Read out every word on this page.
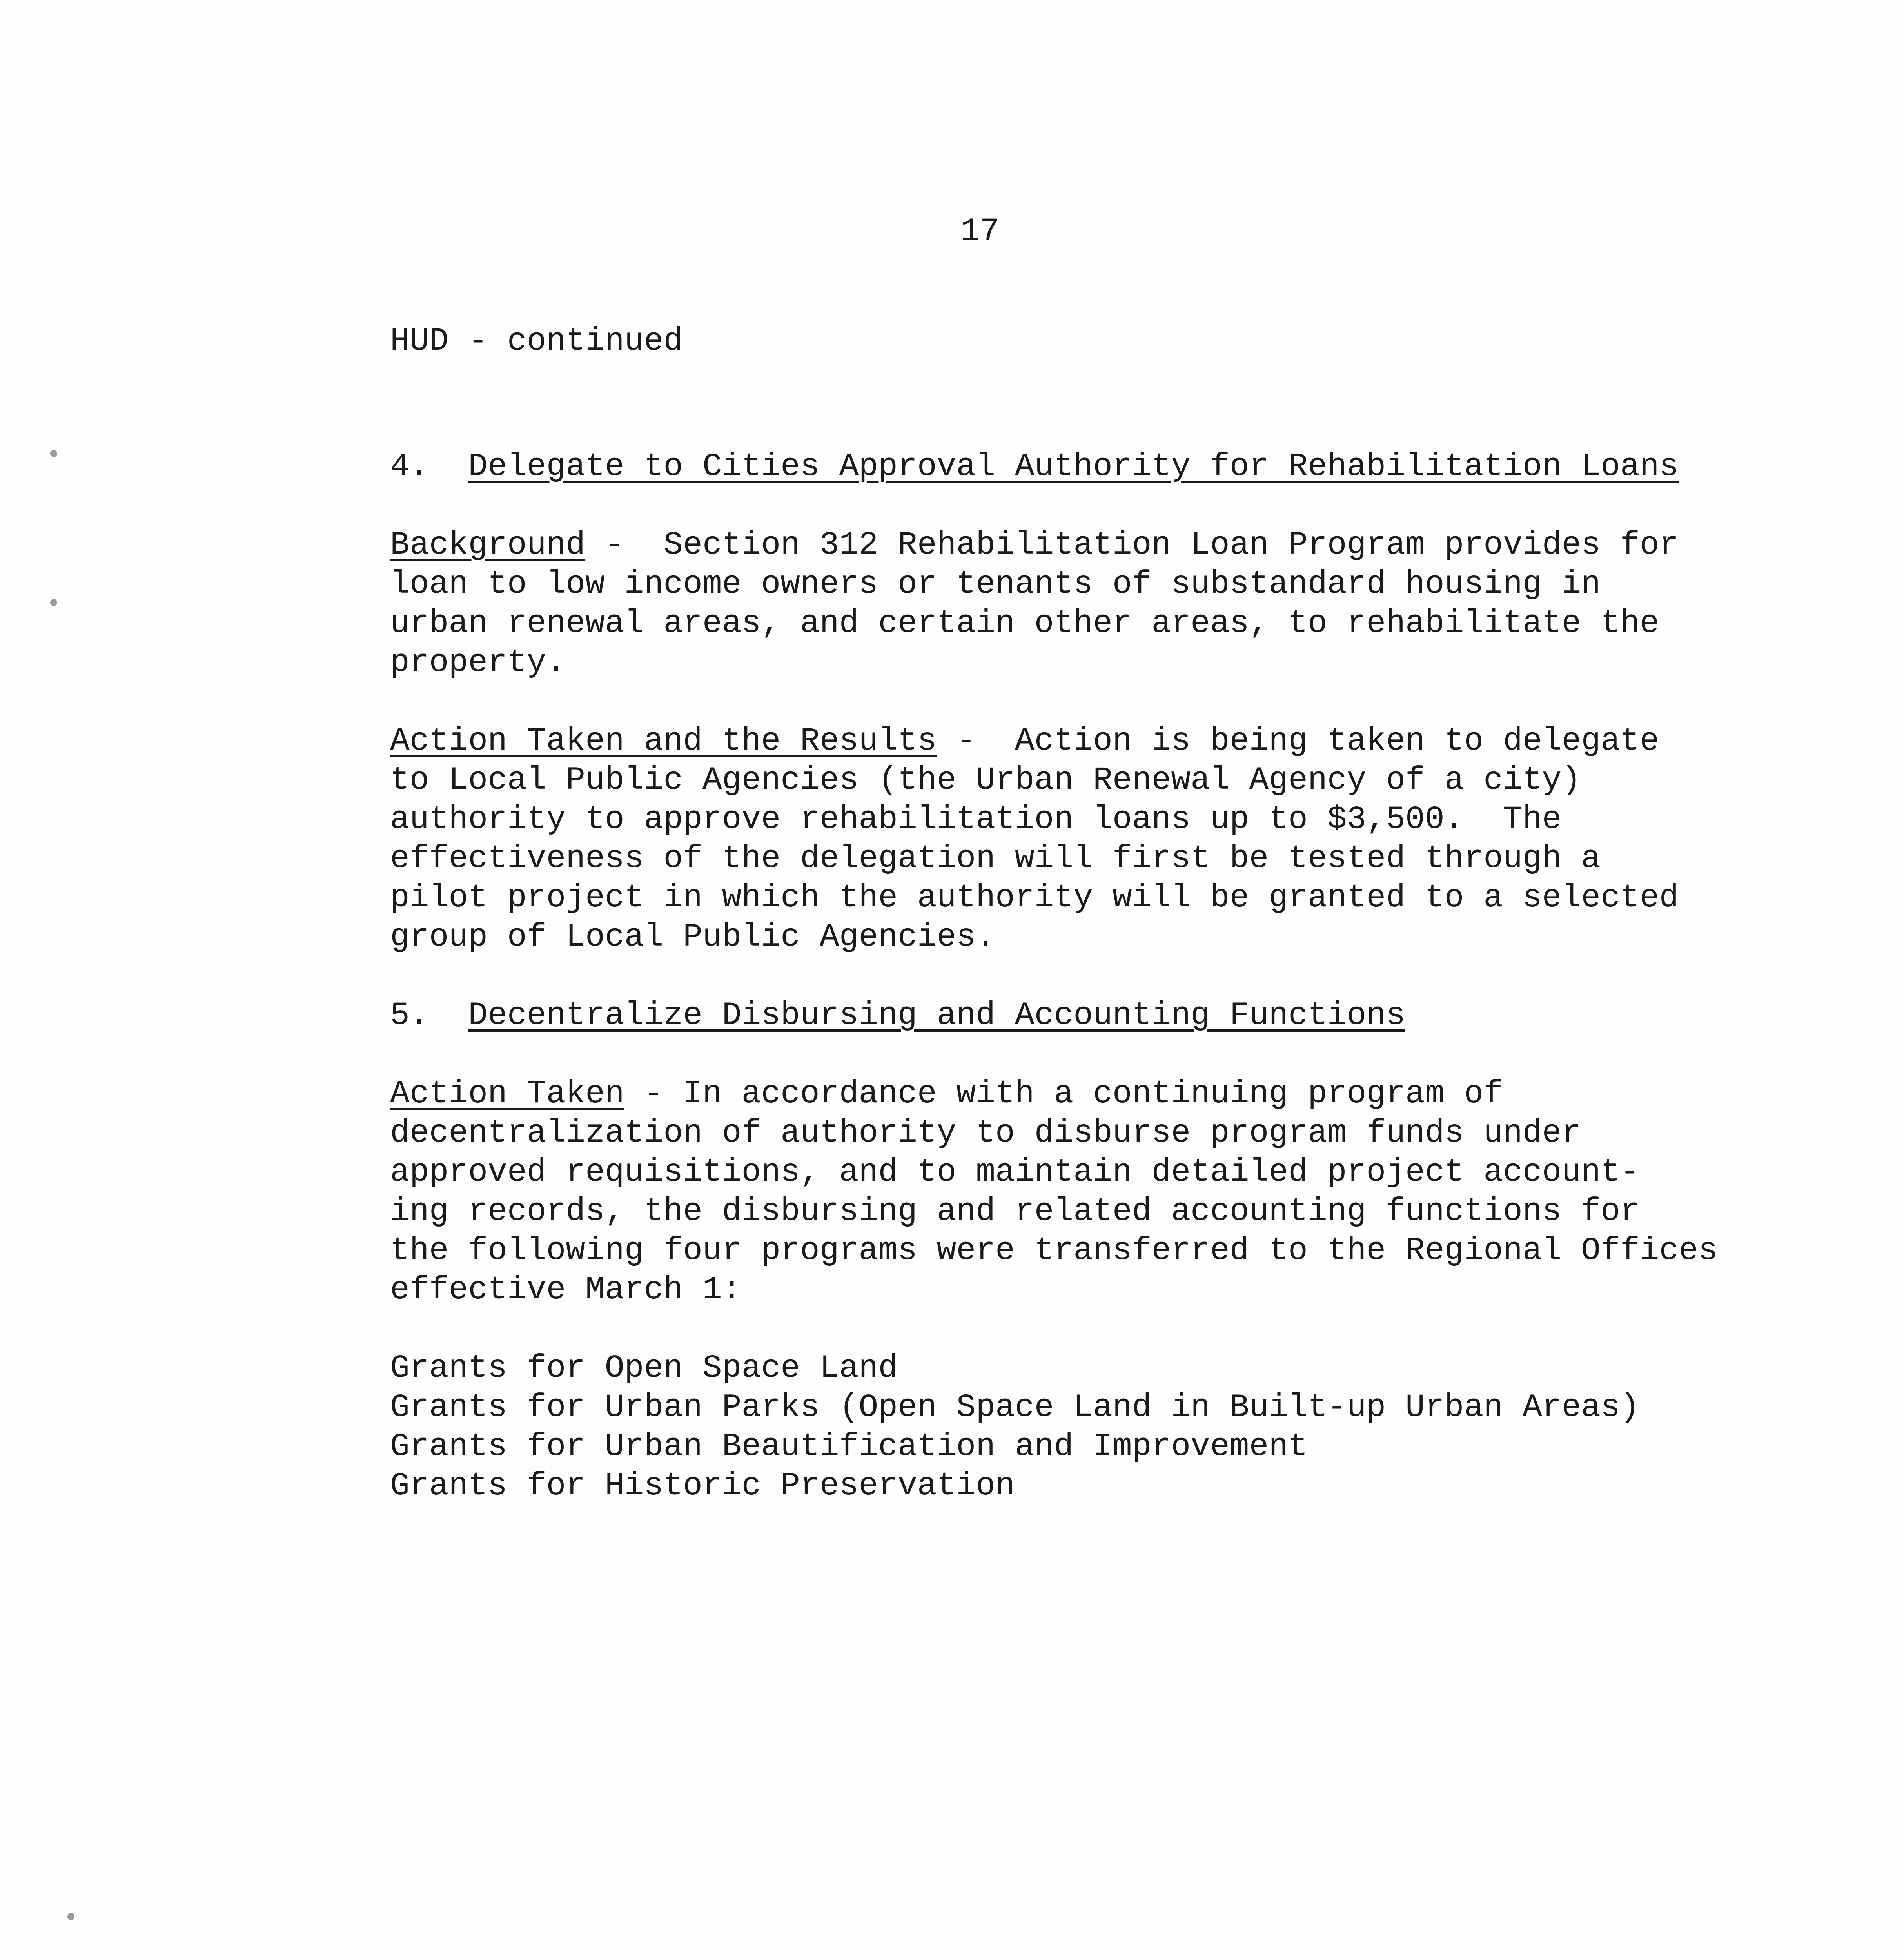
17
HUD - continued
4. Delegate to Cities Approval Authority for Rehabilitation Loans
Background -  Section 312 Rehabilitation Loan Program provides for
loan to low income owners or tenants of substandard housing in
urban renewal areas, and certain other areas, to rehabilitate the
property.
Action Taken and the Results -  Action is being taken to delegate
to Local Public Agencies (the Urban Renewal Agency of a city)
authority to approve rehabilitation loans up to $3,500.  The
effectiveness of the delegation will first be tested through a
pilot project in which the authority will be granted to a selected
group of Local Public Agencies.
5. Decentralize Disbursing and Accounting Functions
Action Taken - In accordance with a continuing program of
decentralization of authority to disburse program funds under
approved requisitions, and to maintain detailed project account-
ing records, the disbursing and related accounting functions for
the following four programs were transferred to the Regional Offices
effective March 1:
Grants for Open Space Land
Grants for Urban Parks (Open Space Land in Built-up Urban Areas)
Grants for Urban Beautification and Improvement
Grants for Historic Preservation
